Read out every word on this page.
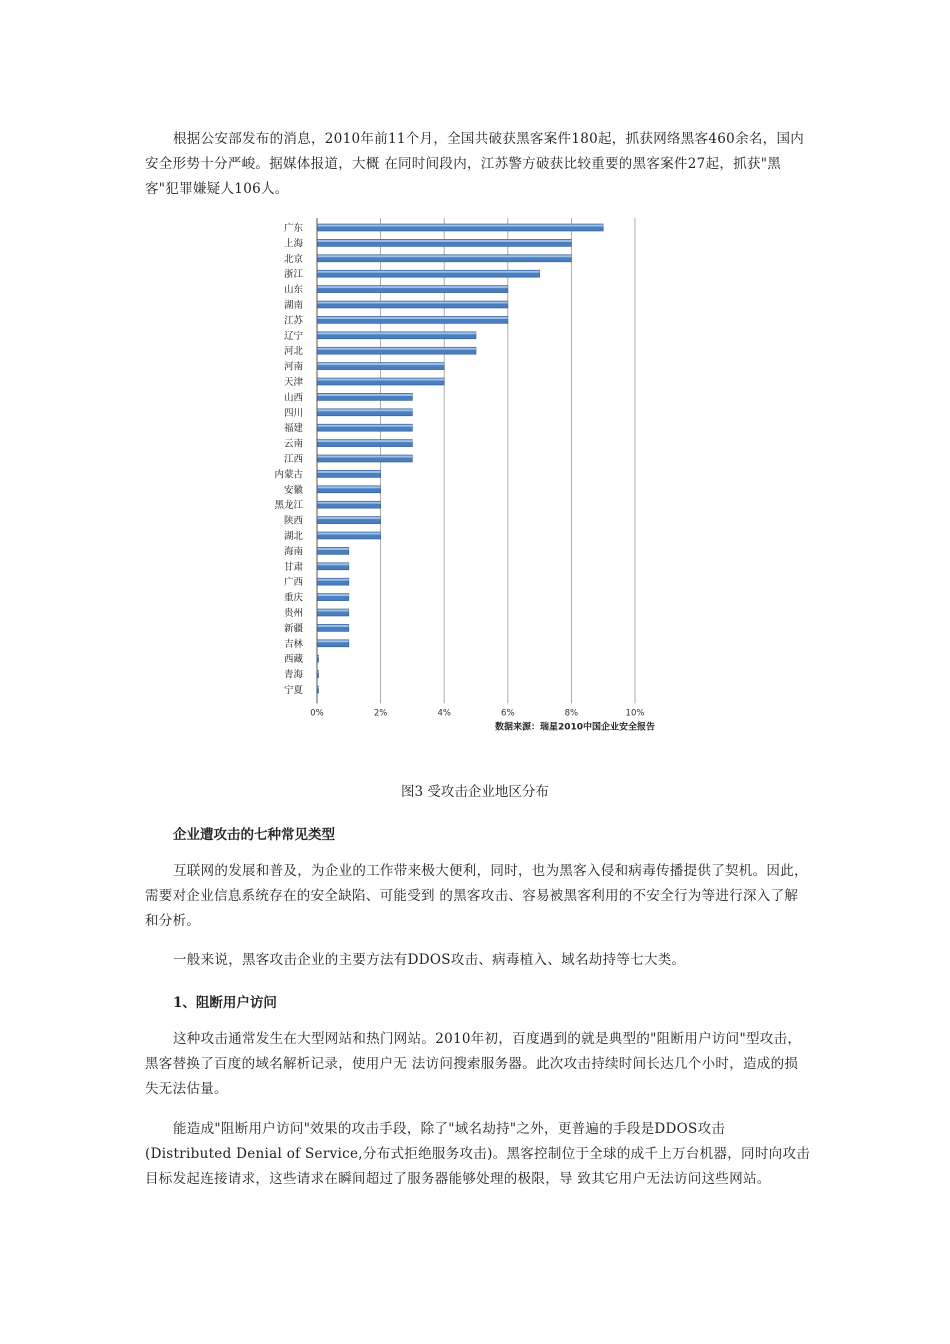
根据公安部发布的消息，2010年前11个月，全国共破获黑客案件180起，抓获网络黑客460余名，国内安全形势十分严峻。据媒体报道，大概 在同时间段内，江苏警方破获比较重要的黑客案件27起，抓获"黑客"犯罪嫌疑人106人。

0%	2%	4%	6%	8%	10%
广东
上海
北京
浙江
山东
湖南
江苏
辽宁
河北
河南
天津
山西
四川
福建
云南
江西
内蒙古
安徽
黑龙江
陕西
湖北
海南
甘肃
广西
重庆
贵州
新疆
吉林
西藏
青海
宁夏
数据来源：瑞星2010中国企业安全报告
图3 受攻击企业地区分布

企业遭攻击的七种常见类型

互联网的发展和普及，为企业的工作带来极大便利，同时，也为黑客入侵和病毒传播提供了契机。因此，需要对企业信息系统存在的安全缺陷、可能受到 的黑客攻击、容易被黑客利用的不安全行为等进行深入了解和分析。

一般来说，黑客攻击企业的主要方法有DDOS攻击、病毒植入、域名劫持等七大类。

1、阻断用户访问

这种攻击通常发生在大型网站和热门网站。2010年初，百度遇到的就是典型的"阻断用户访问"型攻击，黑客替换了百度的域名解析记录，使用户无 法访问搜索服务器。此次攻击持续时间长达几个小时，造成的损失无法估量。

能造成"阻断用户访问"效果的攻击手段，除了"域名劫持"之外，更普遍的手段是DDOS攻击(Distributed Denial of Service,分布式拒绝服务攻击)。黑客控制位于全球的成千上万台机器，同时向攻击目标发起连接请求，这些请求在瞬间超过了服务器能够处理的极限，导 致其它用户无法访问这些网站。
